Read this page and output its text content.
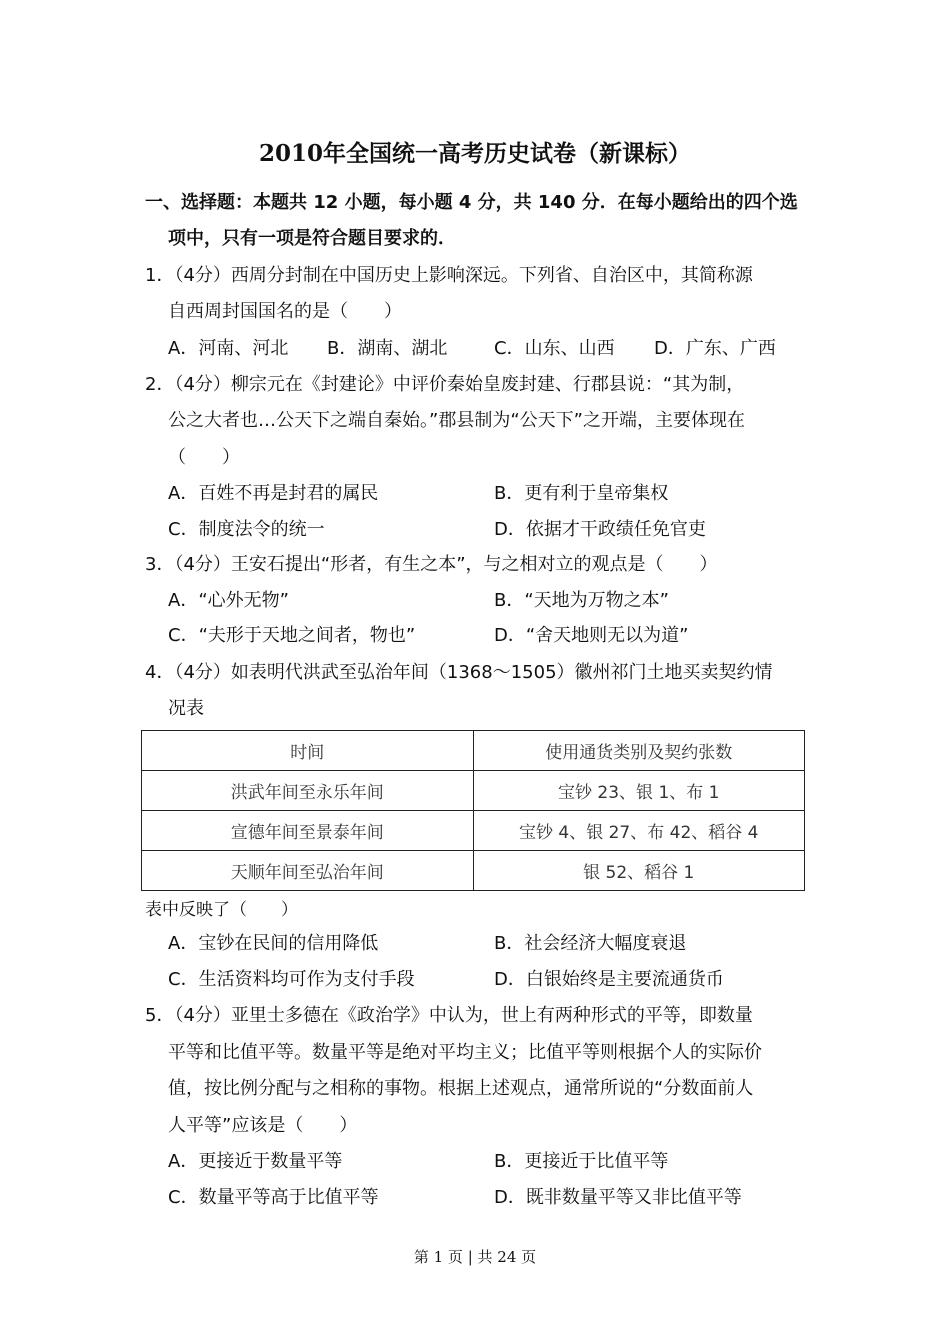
2010年全国统一高考历史试卷（新课标）
一、选择题：本题共 12 小题，每小题 4 分，共 140 分．在每小题给出的四个选
项中，只有一项是符合题目要求的．
1．（4分）西周分封制在中国历史上影响深远。下列省、自治区中，其简称源
自西周封国国名的是（　　）
A．河南、河北 B．湖南、湖北	C．山东、山西 D．广东、广西
2．（4分）柳宗元在《封建论》中评价秦始皇废封建、行郡县说：“其为制，
公之大者也…公天下之端自秦始。”郡县制为“公天下”之开端，主要体现在
（　　）
A．百姓不再是封君的属民	B．更有利于皇帝集权
C．制度法令的统一	D．依据才干政绩任免官吏
3．（4分）王安石提出“形者，有生之本”，与之相对立的观点是（　　）
A．“心外无物”	B．“天地为万物之本”
C．“夫形于天地之间者，物也”	D．“舍天地则无以为道”
4．（4分）如表明代洪武至弘治年间（1368～1505）徽州祁门土地买卖契约情
况表
时间	使用通货类别及契约张数
洪武年间至永乐年间	宝钞 23、银 1、布 1
宣德年间至景泰年间	宝钞 4、银 27、布 42、稻谷 4
天顺年间至弘治年间	银 52、稻谷 1
表中反映了（　　）
A．宝钞在民间的信用降低	B．社会经济大幅度衰退
C．生活资料均可作为支付手段	D．白银始终是主要流通货币
5．（4分）亚里士多德在《政治学》中认为，世上有两种形式的平等，即数量
平等和比值平等。数量平等是绝对平均主义；比值平等则根据个人的实际价
值，按比例分配与之相称的事物。根据上述观点，通常所说的“分数面前人
人平等”应该是（　　）
A．更接近于数量平等	B．更接近于比值平等
C．数量平等高于比值平等	D．既非数量平等又非比值平等
第 1 页 | 共 24 页
